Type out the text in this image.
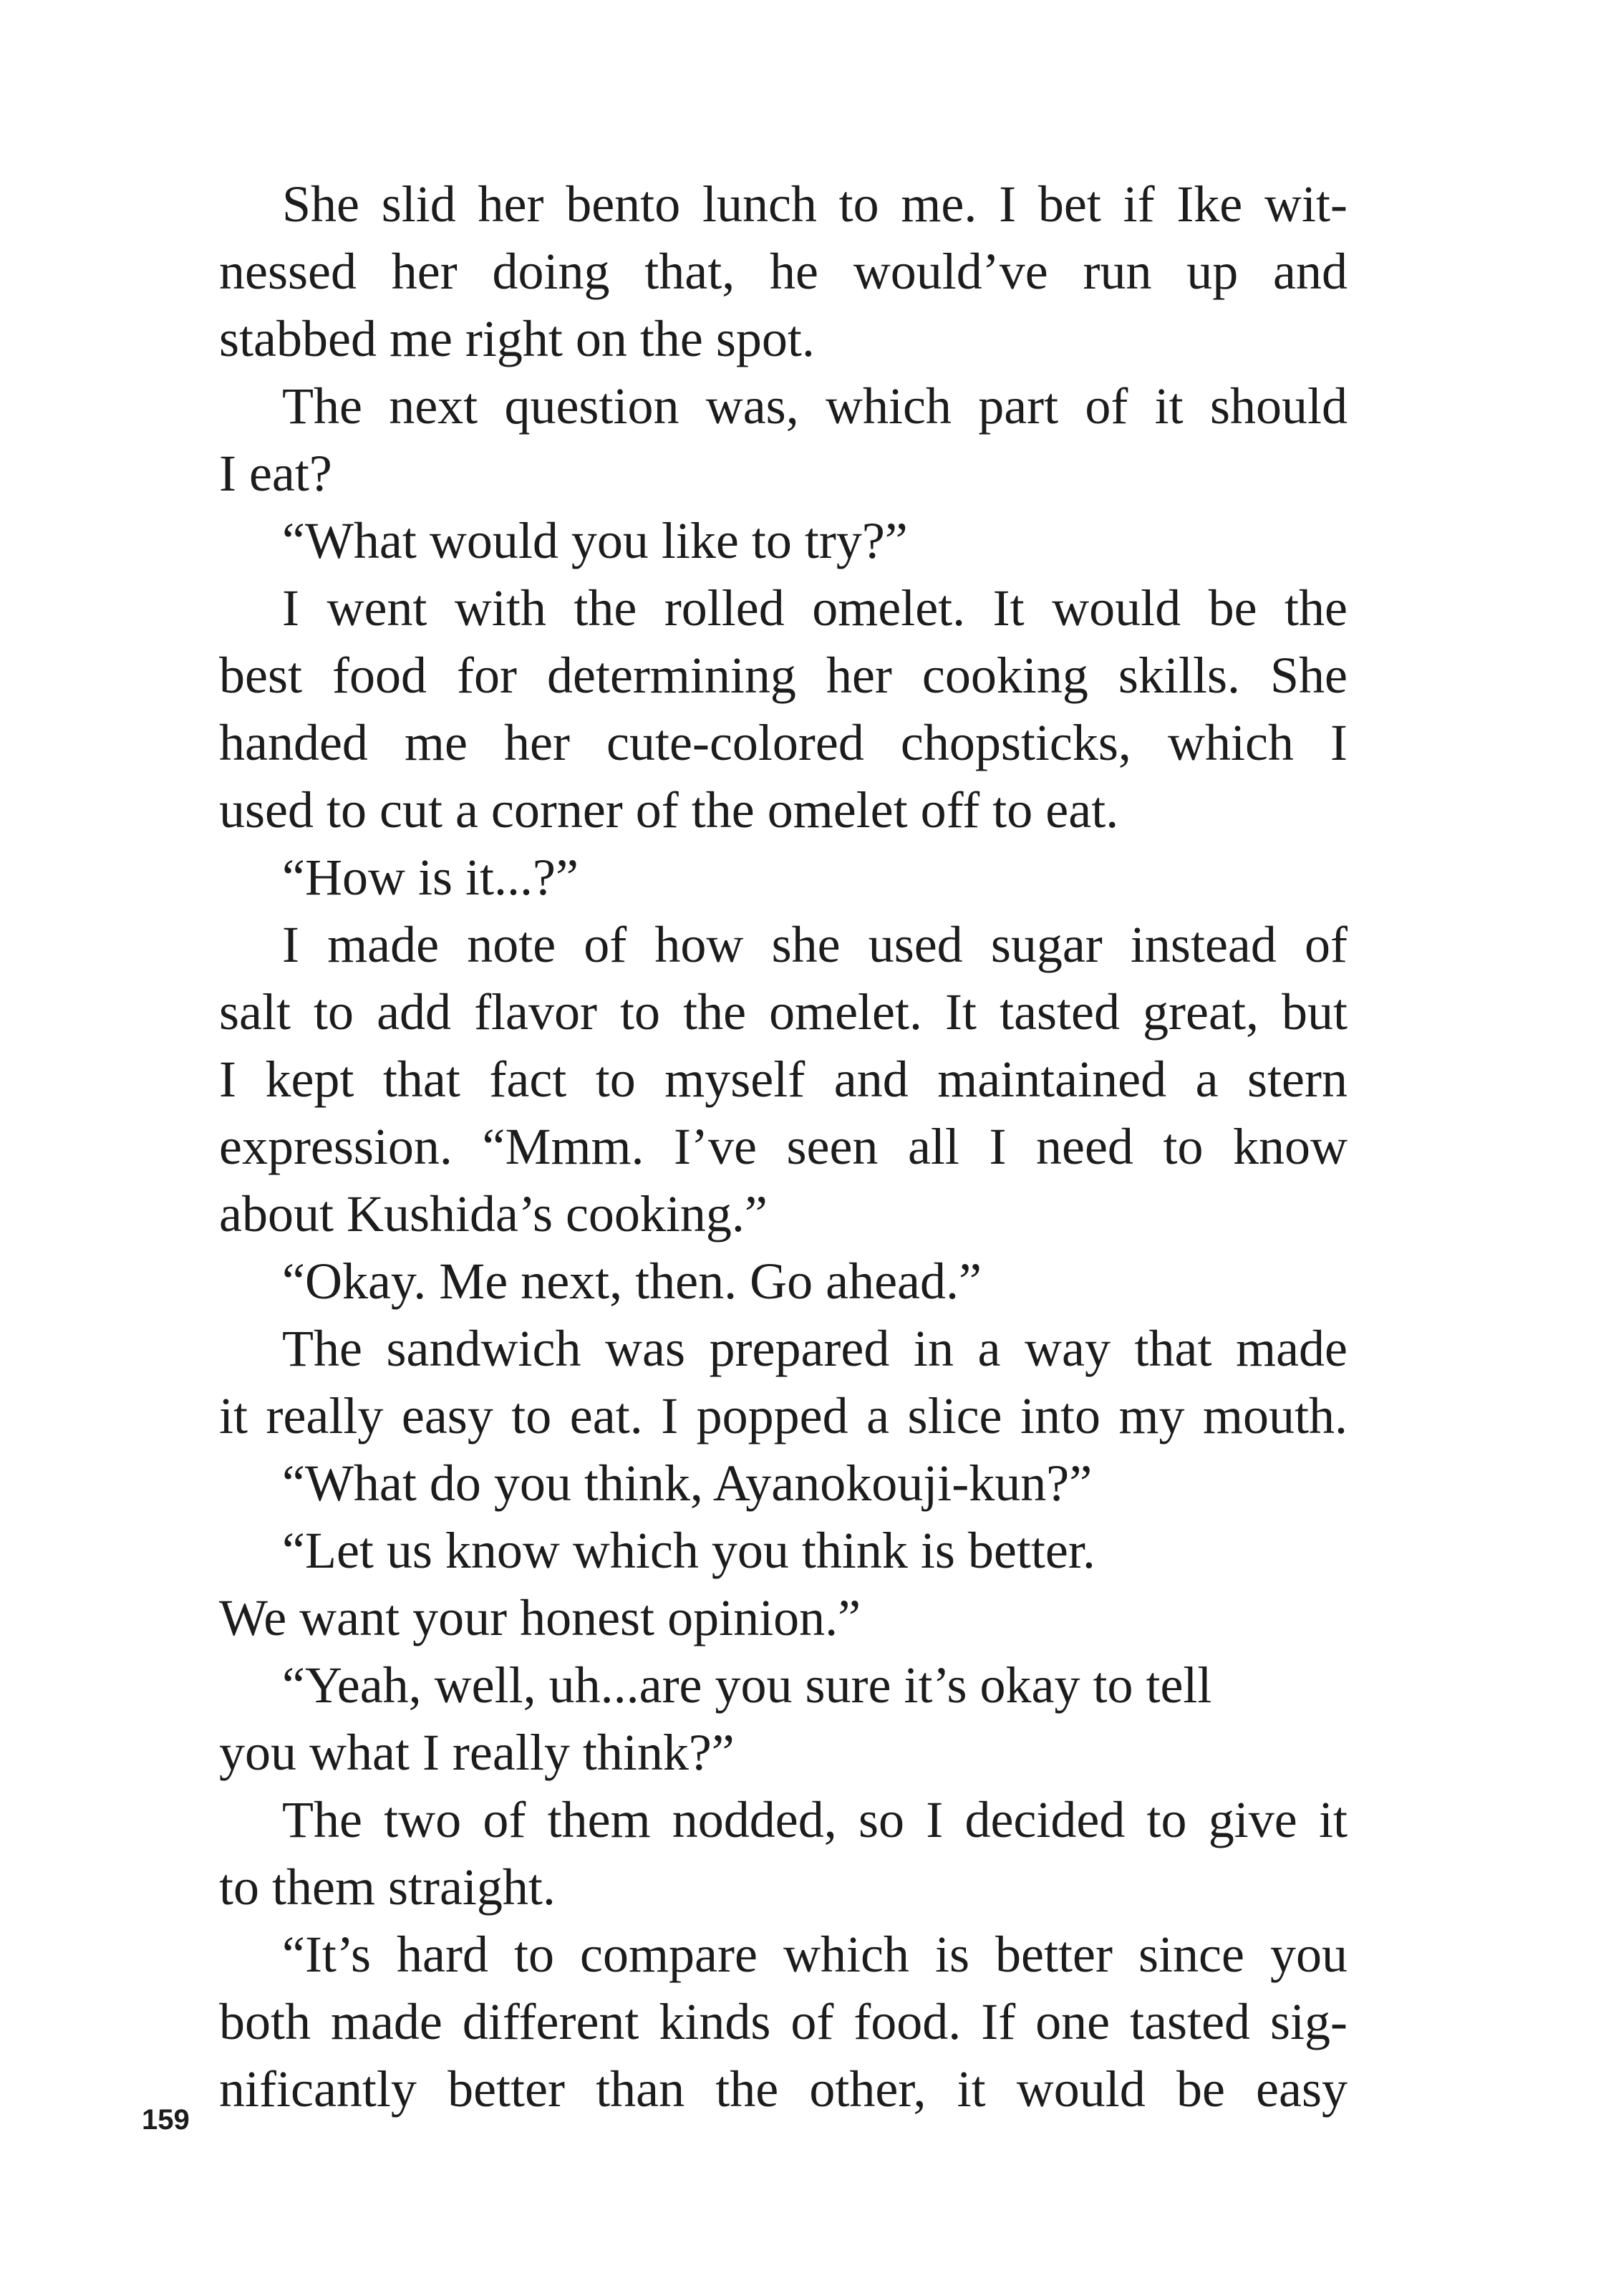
She slid her bento lunch to me. I bet if Ike wit-
nessed her doing that, he would’ve run up and
stabbed me right on the spot.
The next question was, which part of it should
I eat?
“What would you like to try?”
I went with the rolled omelet. It would be the
best food for determining her cooking skills. She
handed me her cute-colored chopsticks, which I
used to cut a corner of the omelet off to eat.
“How is it...?”
I made note of how she used sugar instead of
salt to add flavor to the omelet. It tasted great, but
I kept that fact to myself and maintained a stern
expression. “Mmm. I’ve seen all I need to know
about Kushida’s cooking.”
“Okay. Me next, then. Go ahead.”
The sandwich was prepared in a way that made
it really easy to eat. I popped a slice into my mouth.
“What do you think, Ayanokouji-kun?”
“Let us know which you think is better.
We want your honest opinion.”
“Yeah, well, uh...are you sure it’s okay to tell
you what I really think?”
The two of them nodded, so I decided to give it
to them straight.
“It’s hard to compare which is better since you
both made different kinds of food. If one tasted sig-
nificantly better than the other, it would be easy
159
